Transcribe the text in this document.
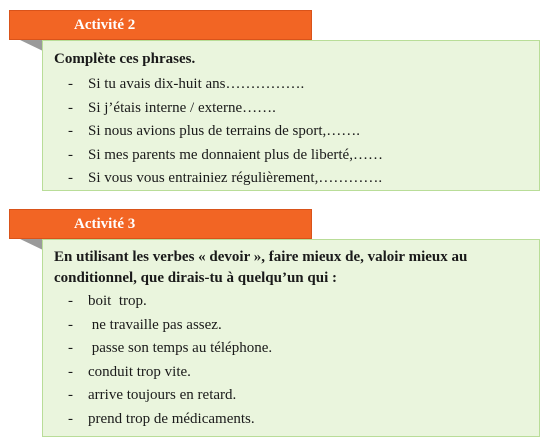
Activité 2
Complète ces phrases.
- Si tu avais dix-huit ans…………….
- Si j’étais interne / externe…….
- Si nous avions plus de terrains de sport,…….
- Si mes parents me donnaient plus de liberté,……
- Si vous vous entrainiez régulièrement,………….
Activité 3
En utilisant les verbes « devoir », faire mieux de, valoir mieux au
conditionnel, que dirais-tu à quelqu’un qui :
- boit  trop.
- ne travaille pas assez.
- passe son temps au téléphone.
- conduit trop vite.
- arrive toujours en retard.
- prend trop de médicaments.
